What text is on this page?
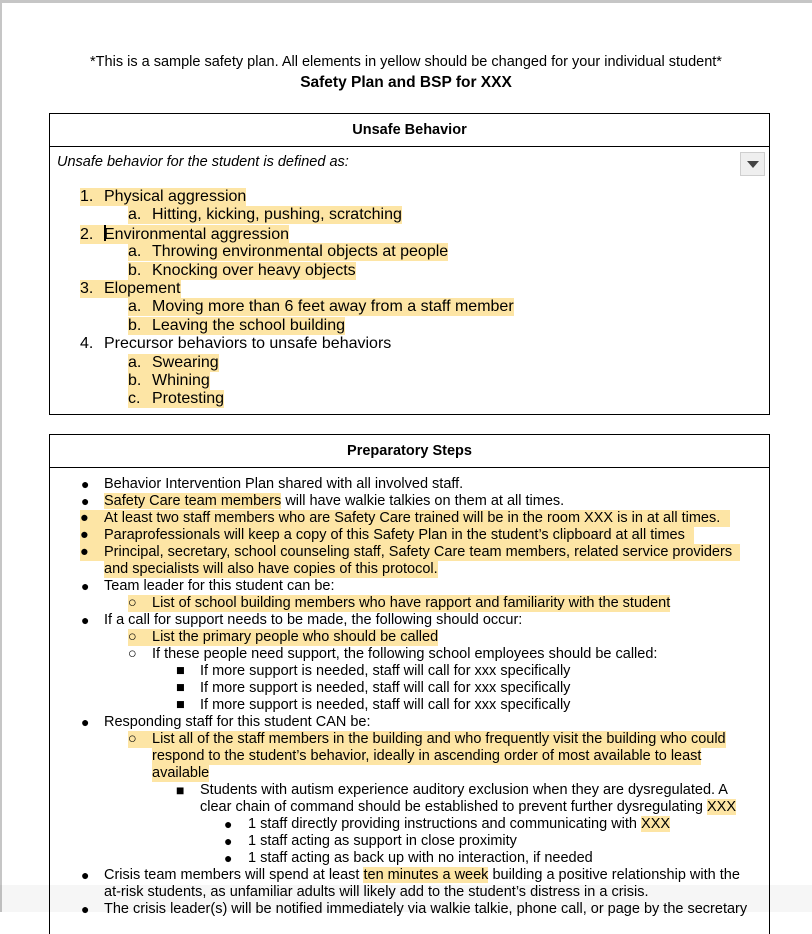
*This is a sample safety plan. All elements in yellow should be changed for your individual student*
Safety Plan and BSP for XXX
Unsafe Behavior
Unsafe behavior for the student is defined as:
1. Physical aggression
a. Hitting, kicking, pushing, scratching
2. Environmental aggression
a. Throwing environmental objects at people
b. Knocking over heavy objects
3. Elopement
a. Moving more than 6 feet away from a staff member
b. Leaving the school building
4. Precursor behaviors to unsafe behaviors
a. Swearing
b. Whining
c. Protesting
Preparatory Steps
● Behavior Intervention Plan shared with all involved staff.
● Safety Care team members will have walkie talkies on them at all times.
● At least two staff members who are Safety Care trained will be in the room XXX is in at all times.
● Paraprofessionals will keep a copy of this Safety Plan in the student’s clipboard at all times
● Principal, secretary, school counseling staff, Safety Care team members, related service providers
and specialists will also have copies of this protocol.
● Team leader for this student can be:
○ List of school building members who have rapport and familiarity with the student
● If a call for support needs to be made, the following should occur:
○ List the primary people who should be called
○ If these people need support, the following school employees should be called:
■ If more support is needed, staff will call for xxx specifically
■ If more support is needed, staff will call for xxx specifically
■ If more support is needed, staff will call for xxx specifically
● Responding staff for this student CAN be:
○ List all of the staff members in the building and who frequently visit the building who could
respond to the student’s behavior, ideally in ascending order of most available to least
available
■ Students with autism experience auditory exclusion when they are dysregulated. A
clear chain of command should be established to prevent further dysregulating XXX
● 1 staff directly providing instructions and communicating with XXX
● 1 staff acting as support in close proximity
● 1 staff acting as back up with no interaction, if needed
● Crisis team members will spend at least ten minutes a week building a positive relationship with the
at-risk students, as unfamiliar adults will likely add to the student’s distress in a crisis.
● The crisis leader(s) will be notified immediately via walkie talkie, phone call, or page by the secretary
